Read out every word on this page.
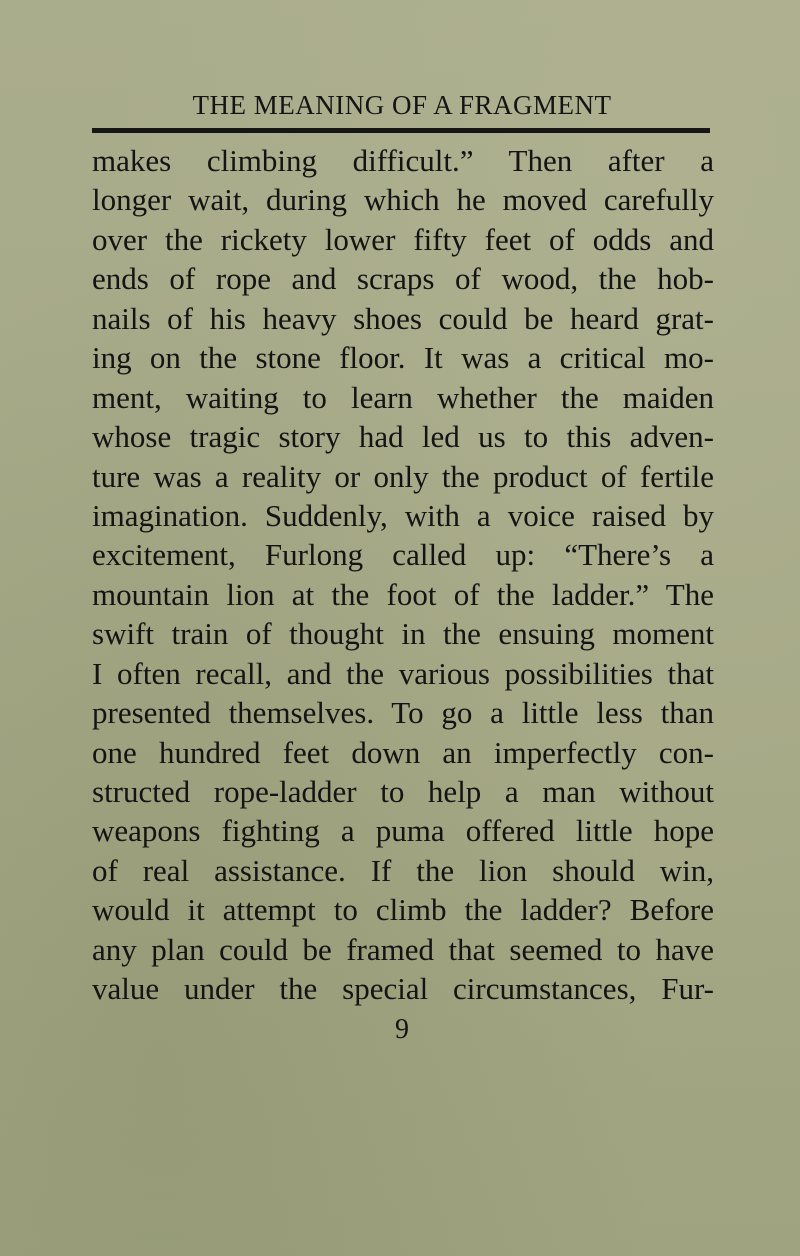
THE MEANING OF A FRAGMENT
makes climbing difficult.” Then after a
longer wait, during which he moved carefully
over the rickety lower fifty feet of odds and
ends of rope and scraps of wood, the hob-
nails of his heavy shoes could be heard grat-
ing on the stone floor. It was a critical mo-
ment, waiting to learn whether the maiden
whose tragic story had led us to this adven-
ture was a reality or only the product of fertile
imagination. Suddenly, with a voice raised by
excitement, Furlong called up: “There’s a
mountain lion at the foot of the ladder.” The
swift train of thought in the ensuing moment
I often recall, and the various possibilities that
presented themselves. To go a little less than
one hundred feet down an imperfectly con-
structed rope-ladder to help a man without
weapons fighting a puma offered little hope
of real assistance. If the lion should win,
would it attempt to climb the ladder? Before
any plan could be framed that seemed to have
value under the special circumstances, Fur-
9
